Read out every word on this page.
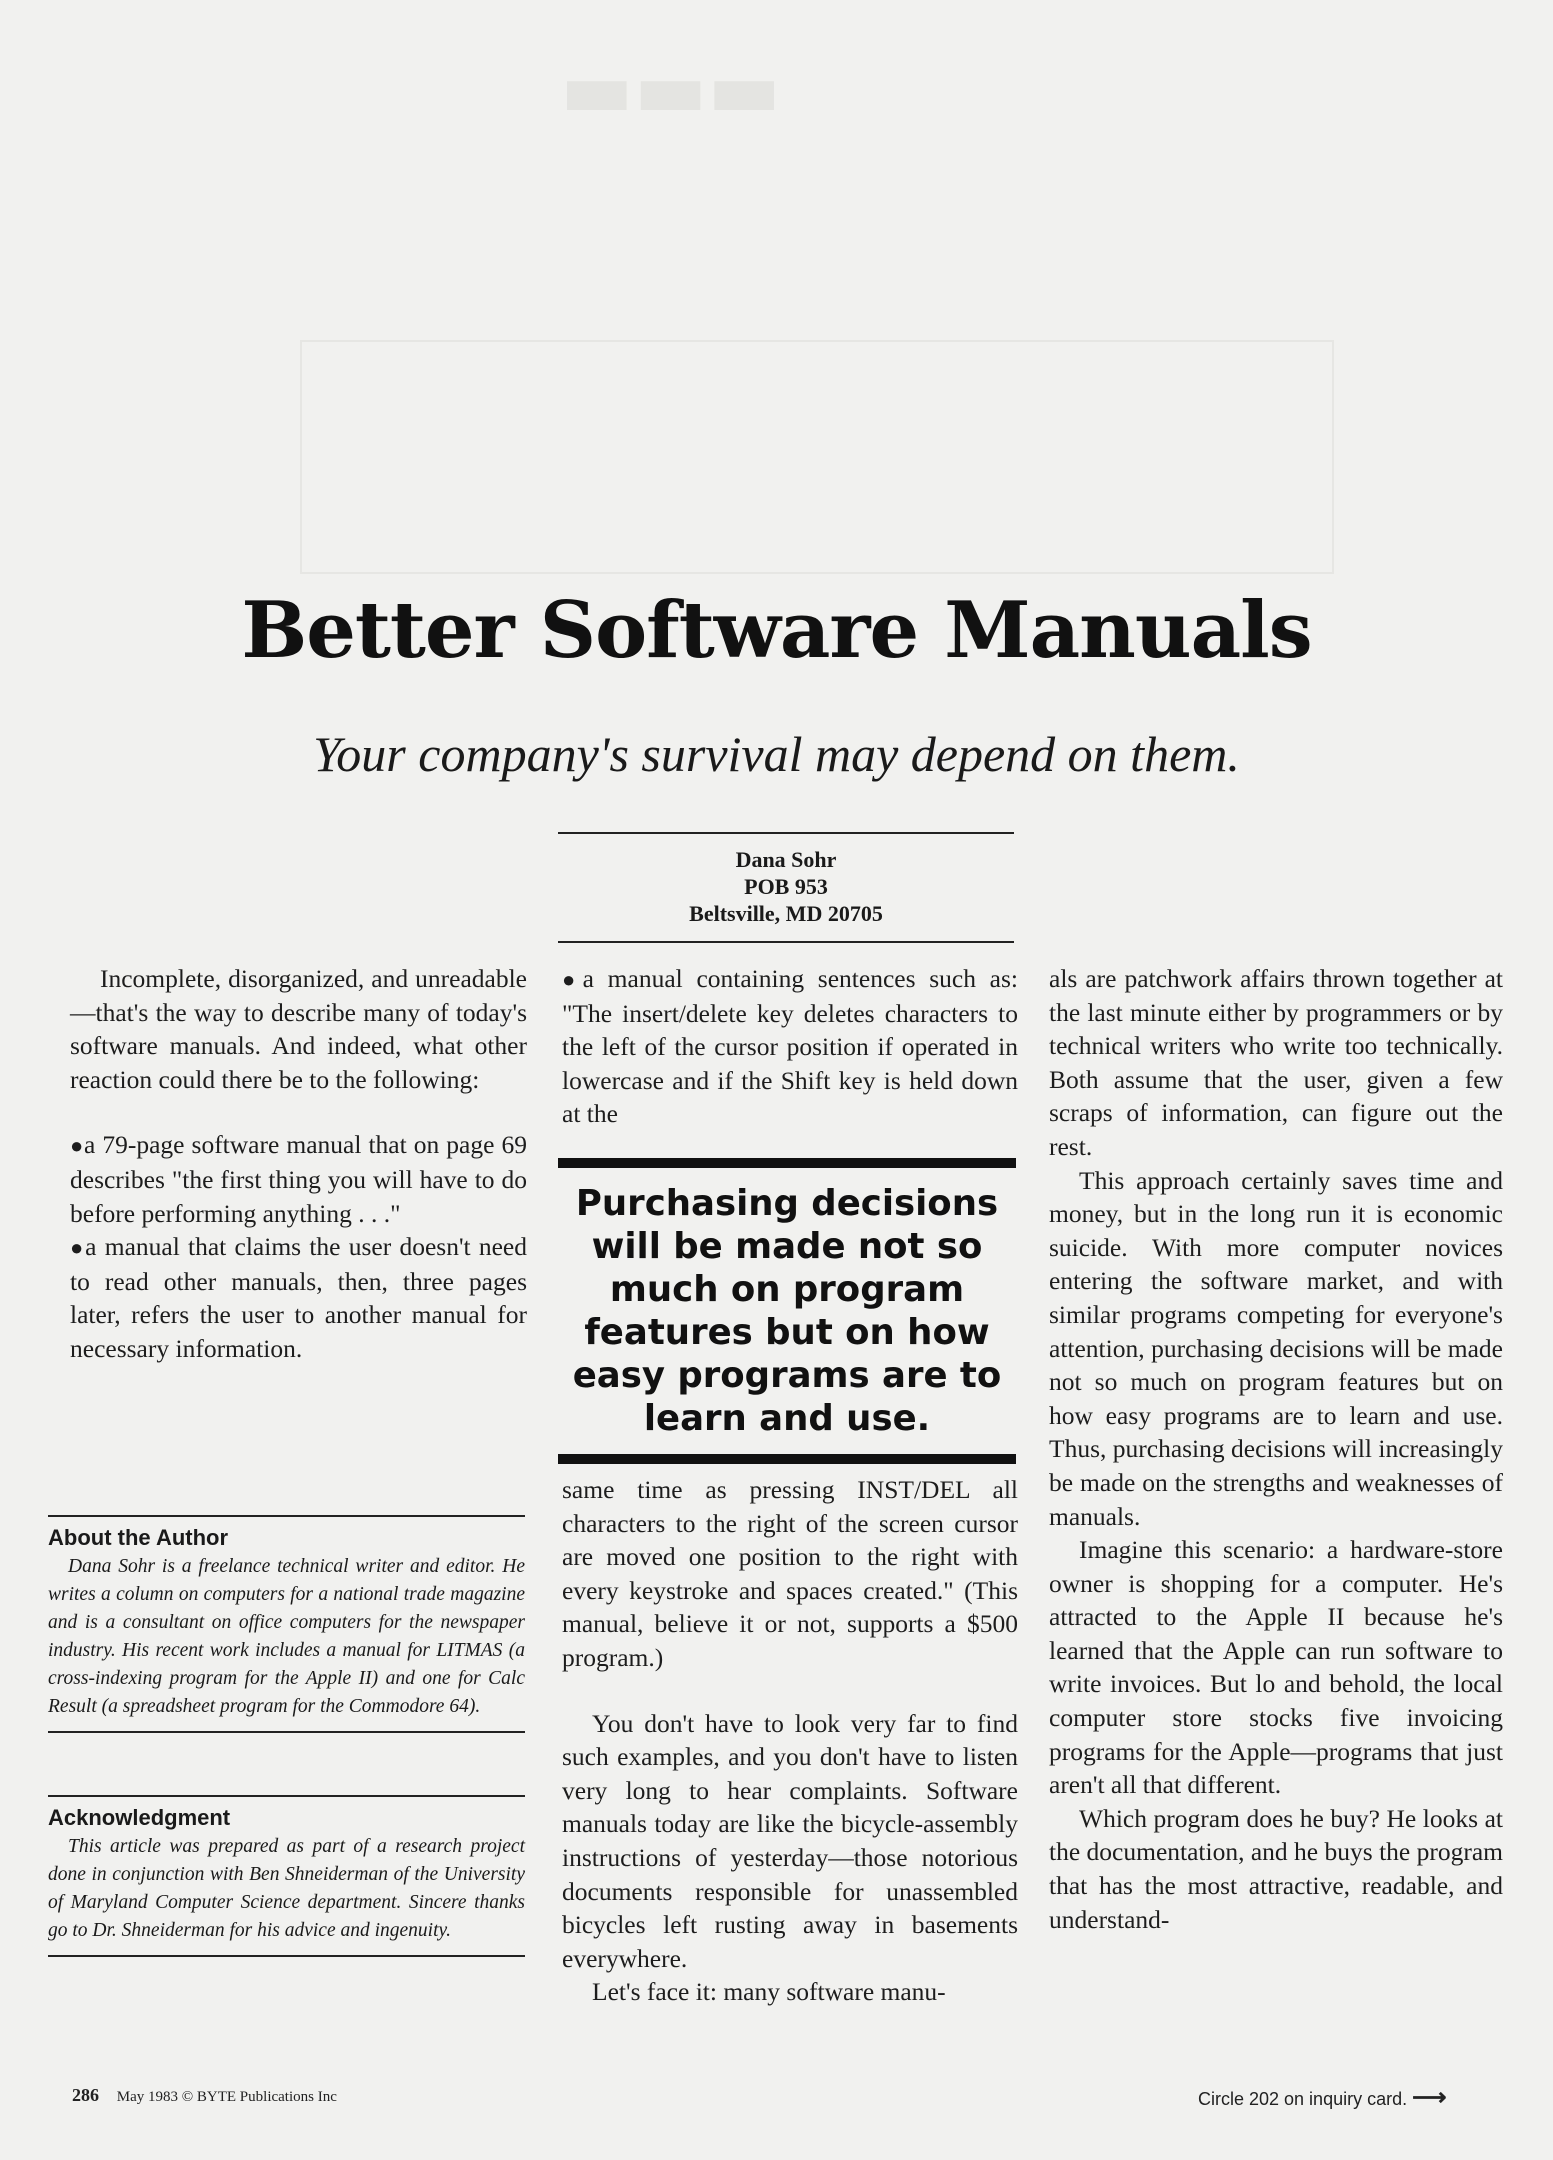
▬▬▬
Better Software Manuals
Your company's survival may depend on them.
Dana Sohr
POB 953
Beltsville, MD 20705

Incomplete, disorganized, and unreadable—that's the way to describe many of today's software manuals. And indeed, what other reaction could there be to the following:

●a 79-page software manual that on page 69 describes "the first thing you will have to do before performing anything . . ."

●a manual that claims the user doesn't need to read other manuals, then, three pages later, refers the user to another manual for necessary information.

About the Author

Dana Sohr is a freelance technical writer and editor. He writes a column on computers for a national trade magazine and is a consultant on office computers for the newspaper industry. His recent work includes a manual for LITMAS (a cross-indexing program for the Apple II) and one for Calc Result (a spreadsheet program for the Commodore 64).

Acknowledgment

This article was prepared as part of a research project done in conjunction with Ben Shneiderman of the University of Maryland Computer Science department. Sincere thanks go to Dr. Shneiderman for his advice and ingenuity.

●a manual containing sentences such as: "The insert/delete key deletes characters to the left of the cursor position if operated in lowercase and if the Shift key is held down at the

Purchasing decisions will be made not so much on program features but on how easy programs are to learn and use.

same time as pressing INST/DEL all characters to the right of the screen cursor are moved one position to the right with every keystroke and spaces created." (This manual, believe it or not, supports a $500 program.)

You don't have to look very far to find such examples, and you don't have to listen very long to hear complaints. Software manuals today are like the bicycle-assembly instructions of yesterday—those notorious documents responsible for unassembled bicycles left rusting away in basements everywhere.

Let's face it: many software manu-

als are patchwork affairs thrown together at the last minute either by programmers or by technical writers who write too technically. Both assume that the user, given a few scraps of information, can figure out the rest.

This approach certainly saves time and money, but in the long run it is economic suicide. With more computer novices entering the software market, and with similar programs competing for everyone's attention, purchasing decisions will be made not so much on program features but on how easy programs are to learn and use. Thus, purchasing decisions will increasingly be made on the strengths and weaknesses of manuals.

Imagine this scenario: a hardware-store owner is shopping for a computer. He's attracted to the Apple II because he's learned that the Apple can run software to write invoices. But lo and behold, the local computer store stocks five invoicing programs for the Apple—programs that just aren't all that different.

Which program does he buy? He looks at the documentation, and he buys the program that has the most attractive, readable, and understand-

286 May 1983 © BYTE Publications Inc	Circle 202 on inquiry card. ⟶
